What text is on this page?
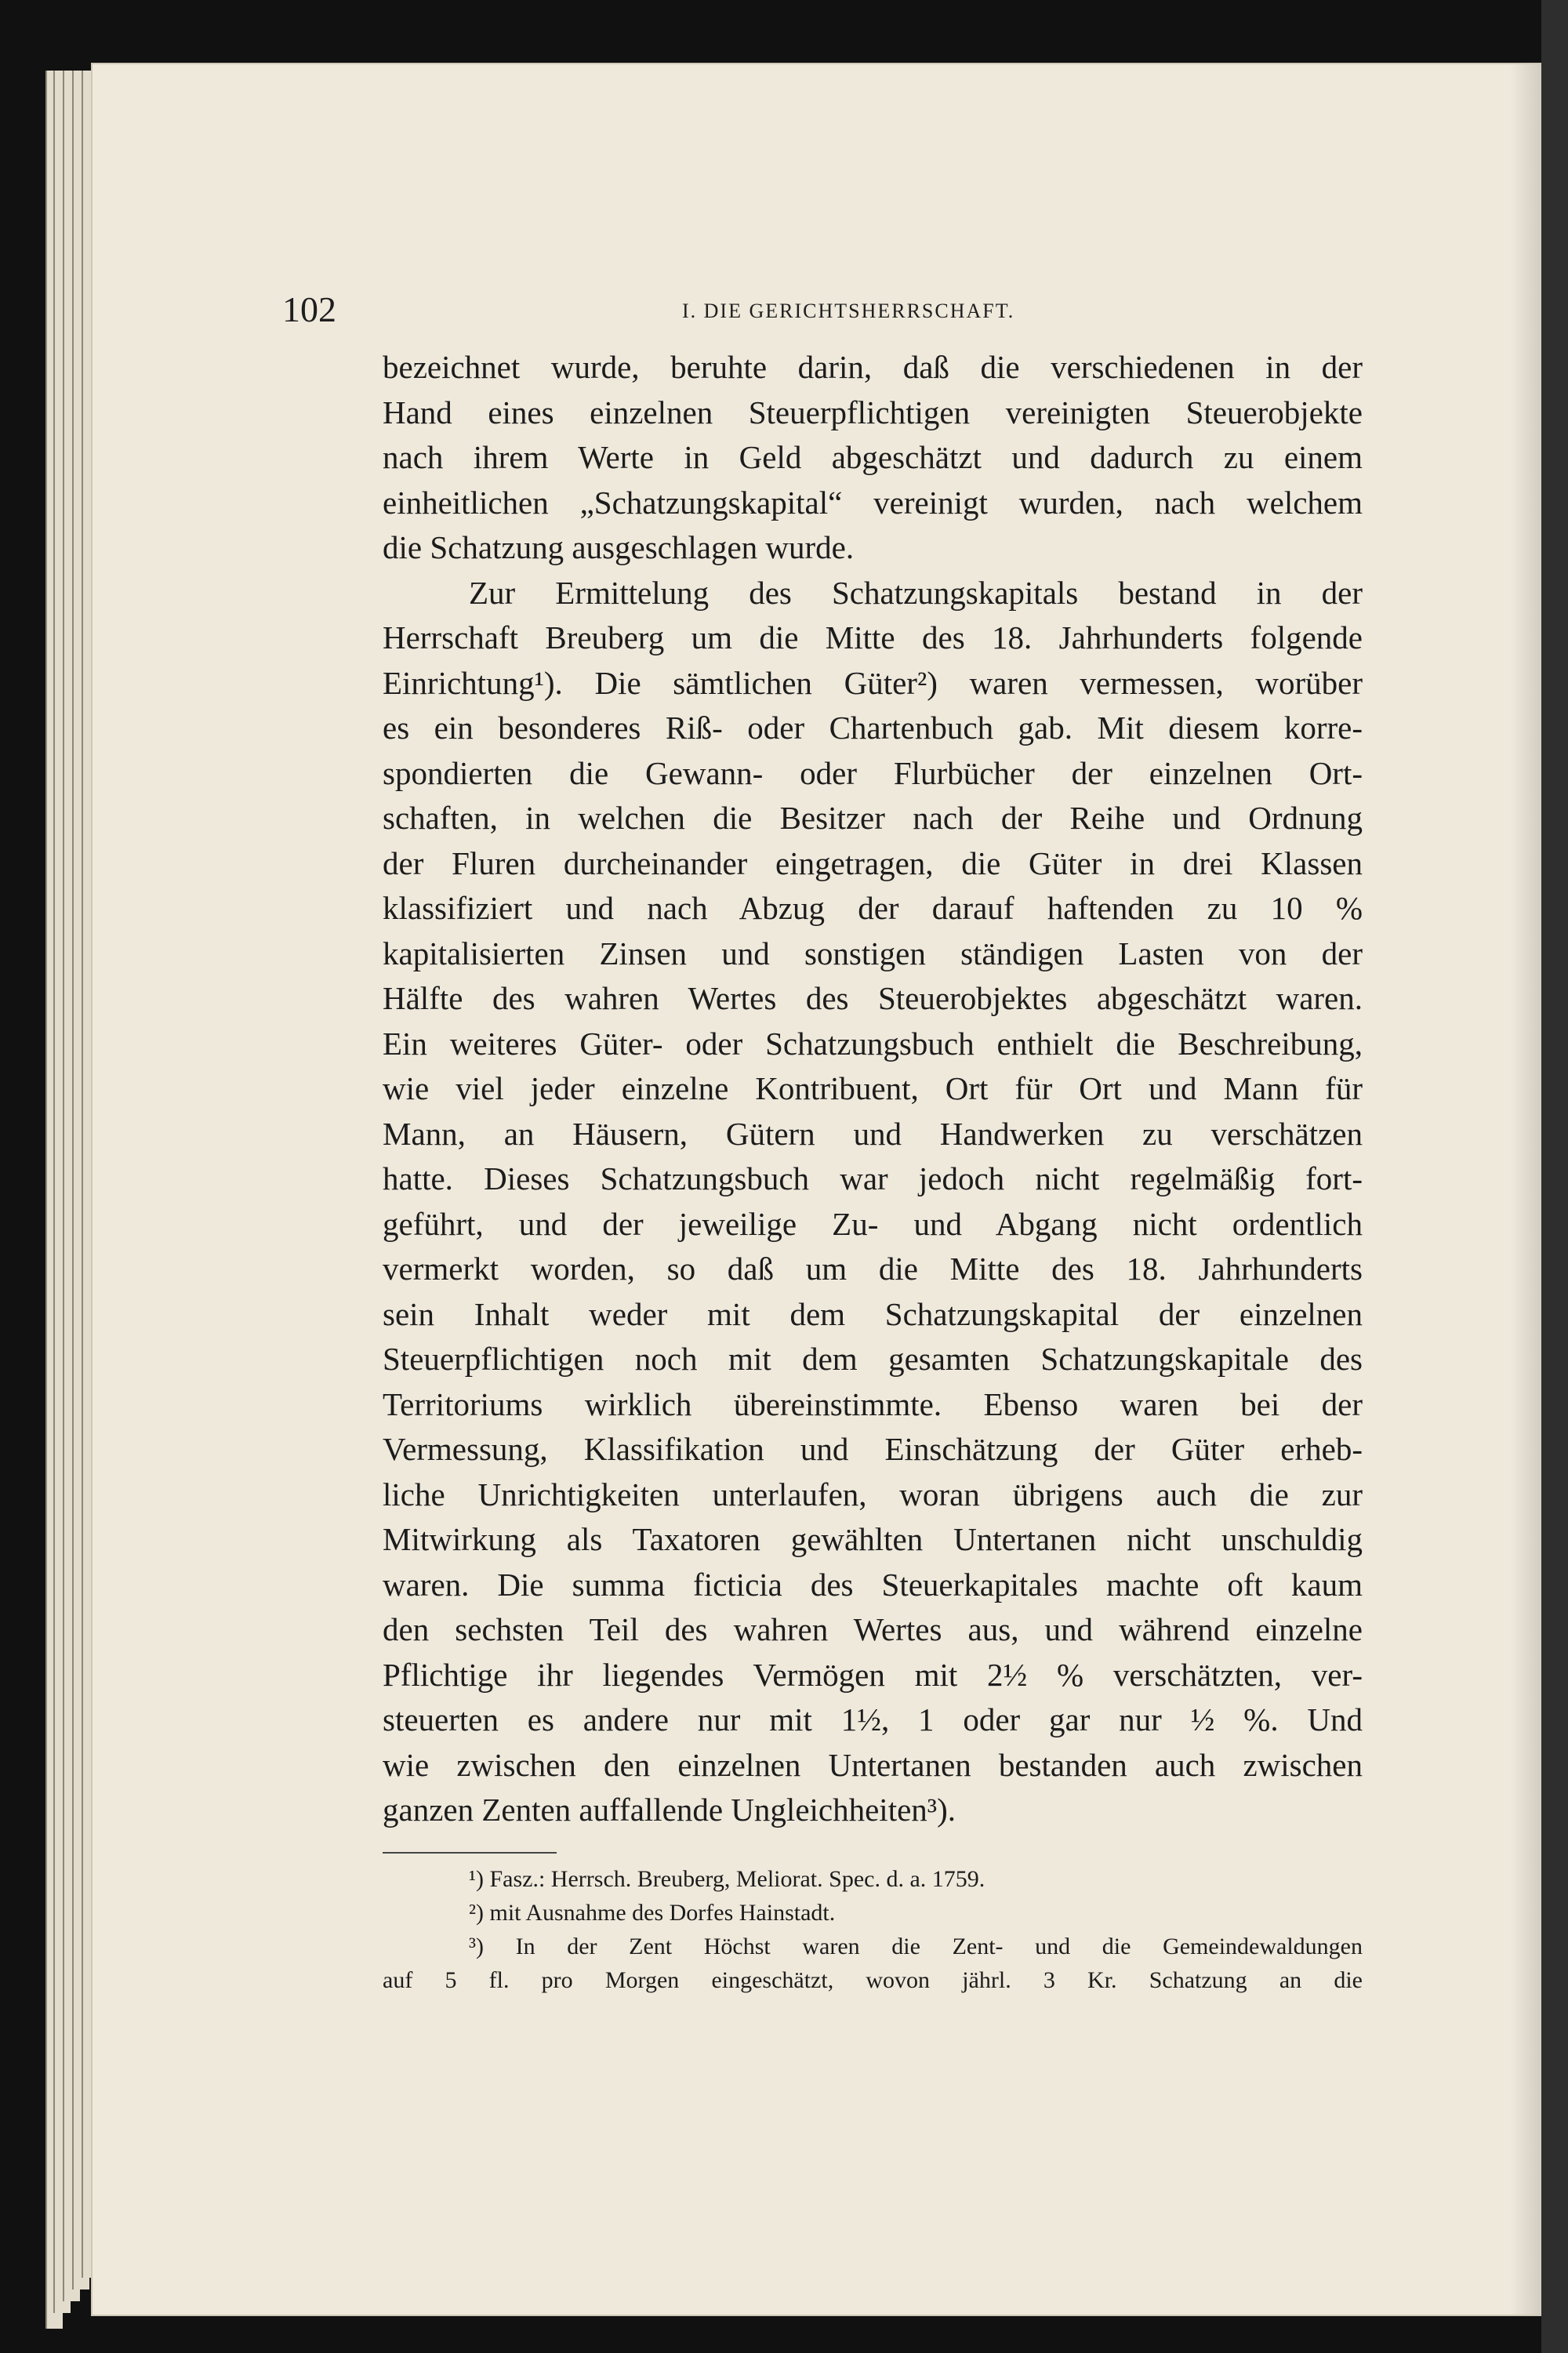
102	I. DIE GERICHTSHERRSCHAFT.
bezeichnet wurde, beruhte darin, daß die verschiedenen in der
Hand eines einzelnen Steuerpflichtigen vereinigten Steuerobjekte
nach ihrem Werte in Geld abgeschätzt und dadurch zu einem
einheitlichen „Schatzungskapital“ vereinigt wurden, nach welchem
die Schatzung ausgeschlagen wurde.
Zur Ermittelung des Schatzungskapitals bestand in der
Herrschaft Breuberg um die Mitte des 18. Jahrhunderts folgende
Einrichtung¹). Die sämtlichen Güter²) waren vermessen, worüber
es ein besonderes Riß- oder Chartenbuch gab. Mit diesem korre-
spondierten die Gewann- oder Flurbücher der einzelnen Ort-
schaften, in welchen die Besitzer nach der Reihe und Ordnung
der Fluren durcheinander eingetragen, die Güter in drei Klassen
klassifiziert und nach Abzug der darauf haftenden zu 10 %
kapitalisierten Zinsen und sonstigen ständigen Lasten von der
Hälfte des wahren Wertes des Steuerobjektes abgeschätzt waren.
Ein weiteres Güter- oder Schatzungsbuch enthielt die Beschreibung,
wie viel jeder einzelne Kontribuent, Ort für Ort und Mann für
Mann, an Häusern, Gütern und Handwerken zu verschätzen
hatte. Dieses Schatzungsbuch war jedoch nicht regelmäßig fort-
geführt, und der jeweilige Zu- und Abgang nicht ordentlich
vermerkt worden, so daß um die Mitte des 18. Jahrhunderts
sein Inhalt weder mit dem Schatzungskapital der einzelnen
Steuerpflichtigen noch mit dem gesamten Schatzungskapitale des
Territoriums wirklich übereinstimmte. Ebenso waren bei der
Vermessung, Klassifikation und Einschätzung der Güter erheb-
liche Unrichtigkeiten unterlaufen, woran übrigens auch die zur
Mitwirkung als Taxatoren gewählten Untertanen nicht unschuldig
waren. Die summa ficticia des Steuerkapitales machte oft kaum
den sechsten Teil des wahren Wertes aus, und während einzelne
Pflichtige ihr liegendes Vermögen mit 2½ % verschätzten, ver-
steuerten es andere nur mit 1½, 1 oder gar nur ½ %. Und
wie zwischen den einzelnen Untertanen bestanden auch zwischen
ganzen Zenten auffallende Ungleichheiten³).
¹) Fasz.: Herrsch. Breuberg, Meliorat. Spec. d. a. 1759.
²) mit Ausnahme des Dorfes Hainstadt.
³) In der Zent Höchst waren die Zent- und die Gemeindewaldungen
auf 5 fl. pro Morgen eingeschätzt, wovon jährl. 3 Kr. Schatzung an die
